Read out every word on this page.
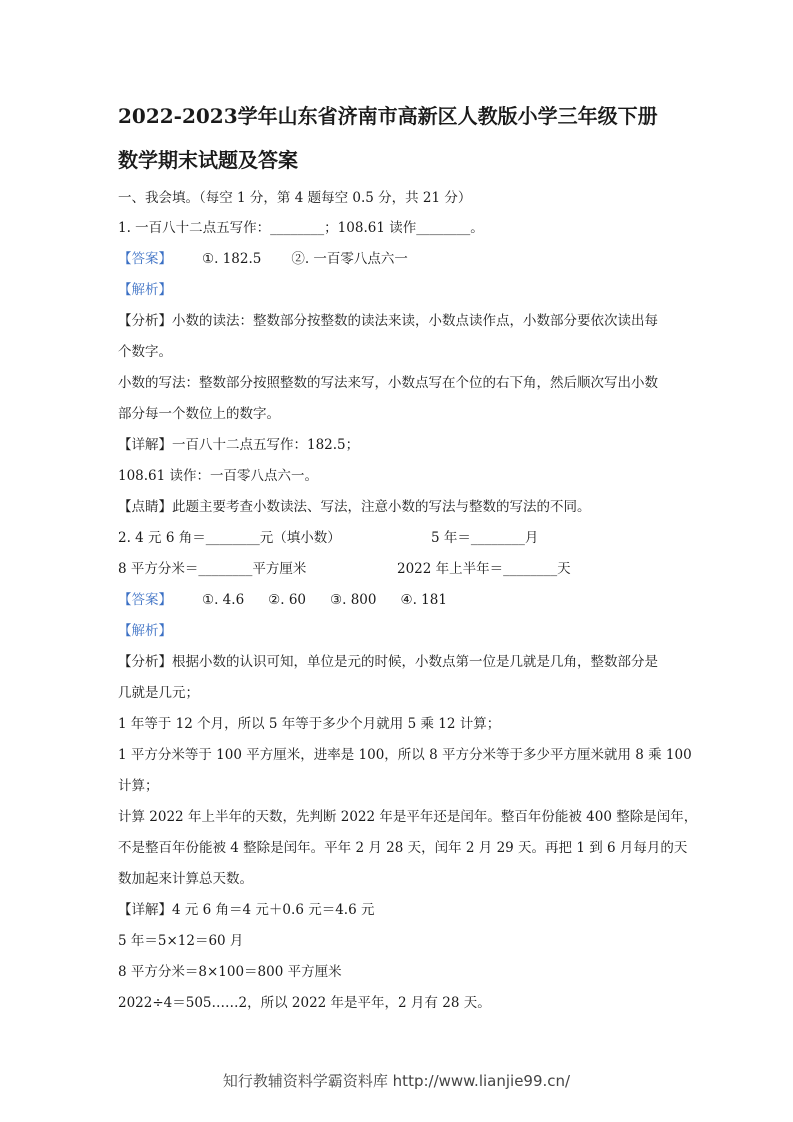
2022-2023学年山东省济南市高新区人教版小学三年级下册
数学期末试题及答案
一、我会填。（每空 1 分，第 4 题每空 0.5 分，共 21 分）
1. 一百八十二点五写作：________；108.61 读作________。
【答案】 ①. 182.5 ②. 一百零八点六一
【解析】
【分析】小数的读法：整数部分按整数的读法来读，小数点读作点，小数部分要依次读出每
个数字。
小数的写法：整数部分按照整数的写法来写，小数点写在个位的右下角，然后顺次写出小数
部分每一个数位上的数字。
【详解】一百八十二点五写作：182.5；
108.61 读作：一百零八点六一。
【点睛】此题主要考查小数读法、写法，注意小数的写法与整数的写法的不同。
2. 4 元 6 角＝________元（填小数）	5 年＝________月
8 平方分米＝________平方厘米	2022 年上半年＝________天
【答案】 ①. 4.6 ②. 60 ③. 800 ④. 181
【解析】
【分析】根据小数的认识可知，单位是元的时候，小数点第一位是几就是几角，整数部分是
几就是几元；
1 年等于 12 个月，所以 5 年等于多少个月就用 5 乘 12 计算；
1 平方分米等于 100 平方厘米，进率是 100，所以 8 平方分米等于多少平方厘米就用 8 乘 100
计算；
计算 2022 年上半年的天数，先判断 2022 年是平年还是闰年。整百年份能被 400 整除是闰年，
不是整百年份能被 4 整除是闰年。平年 2 月 28 天，闰年 2 月 29 天。再把 1 到 6 月每月的天
数加起来计算总天数。
【详解】4 元 6 角＝4 元＋0.6 元＝4.6 元
5 年＝5×12＝60 月
8 平方分米＝8×100＝800 平方厘米
2022÷4＝505……2，所以 2022 年是平年，2 月有 28 天。
知行教辅资料学霸资料库 http://www.lianjie99.cn/
